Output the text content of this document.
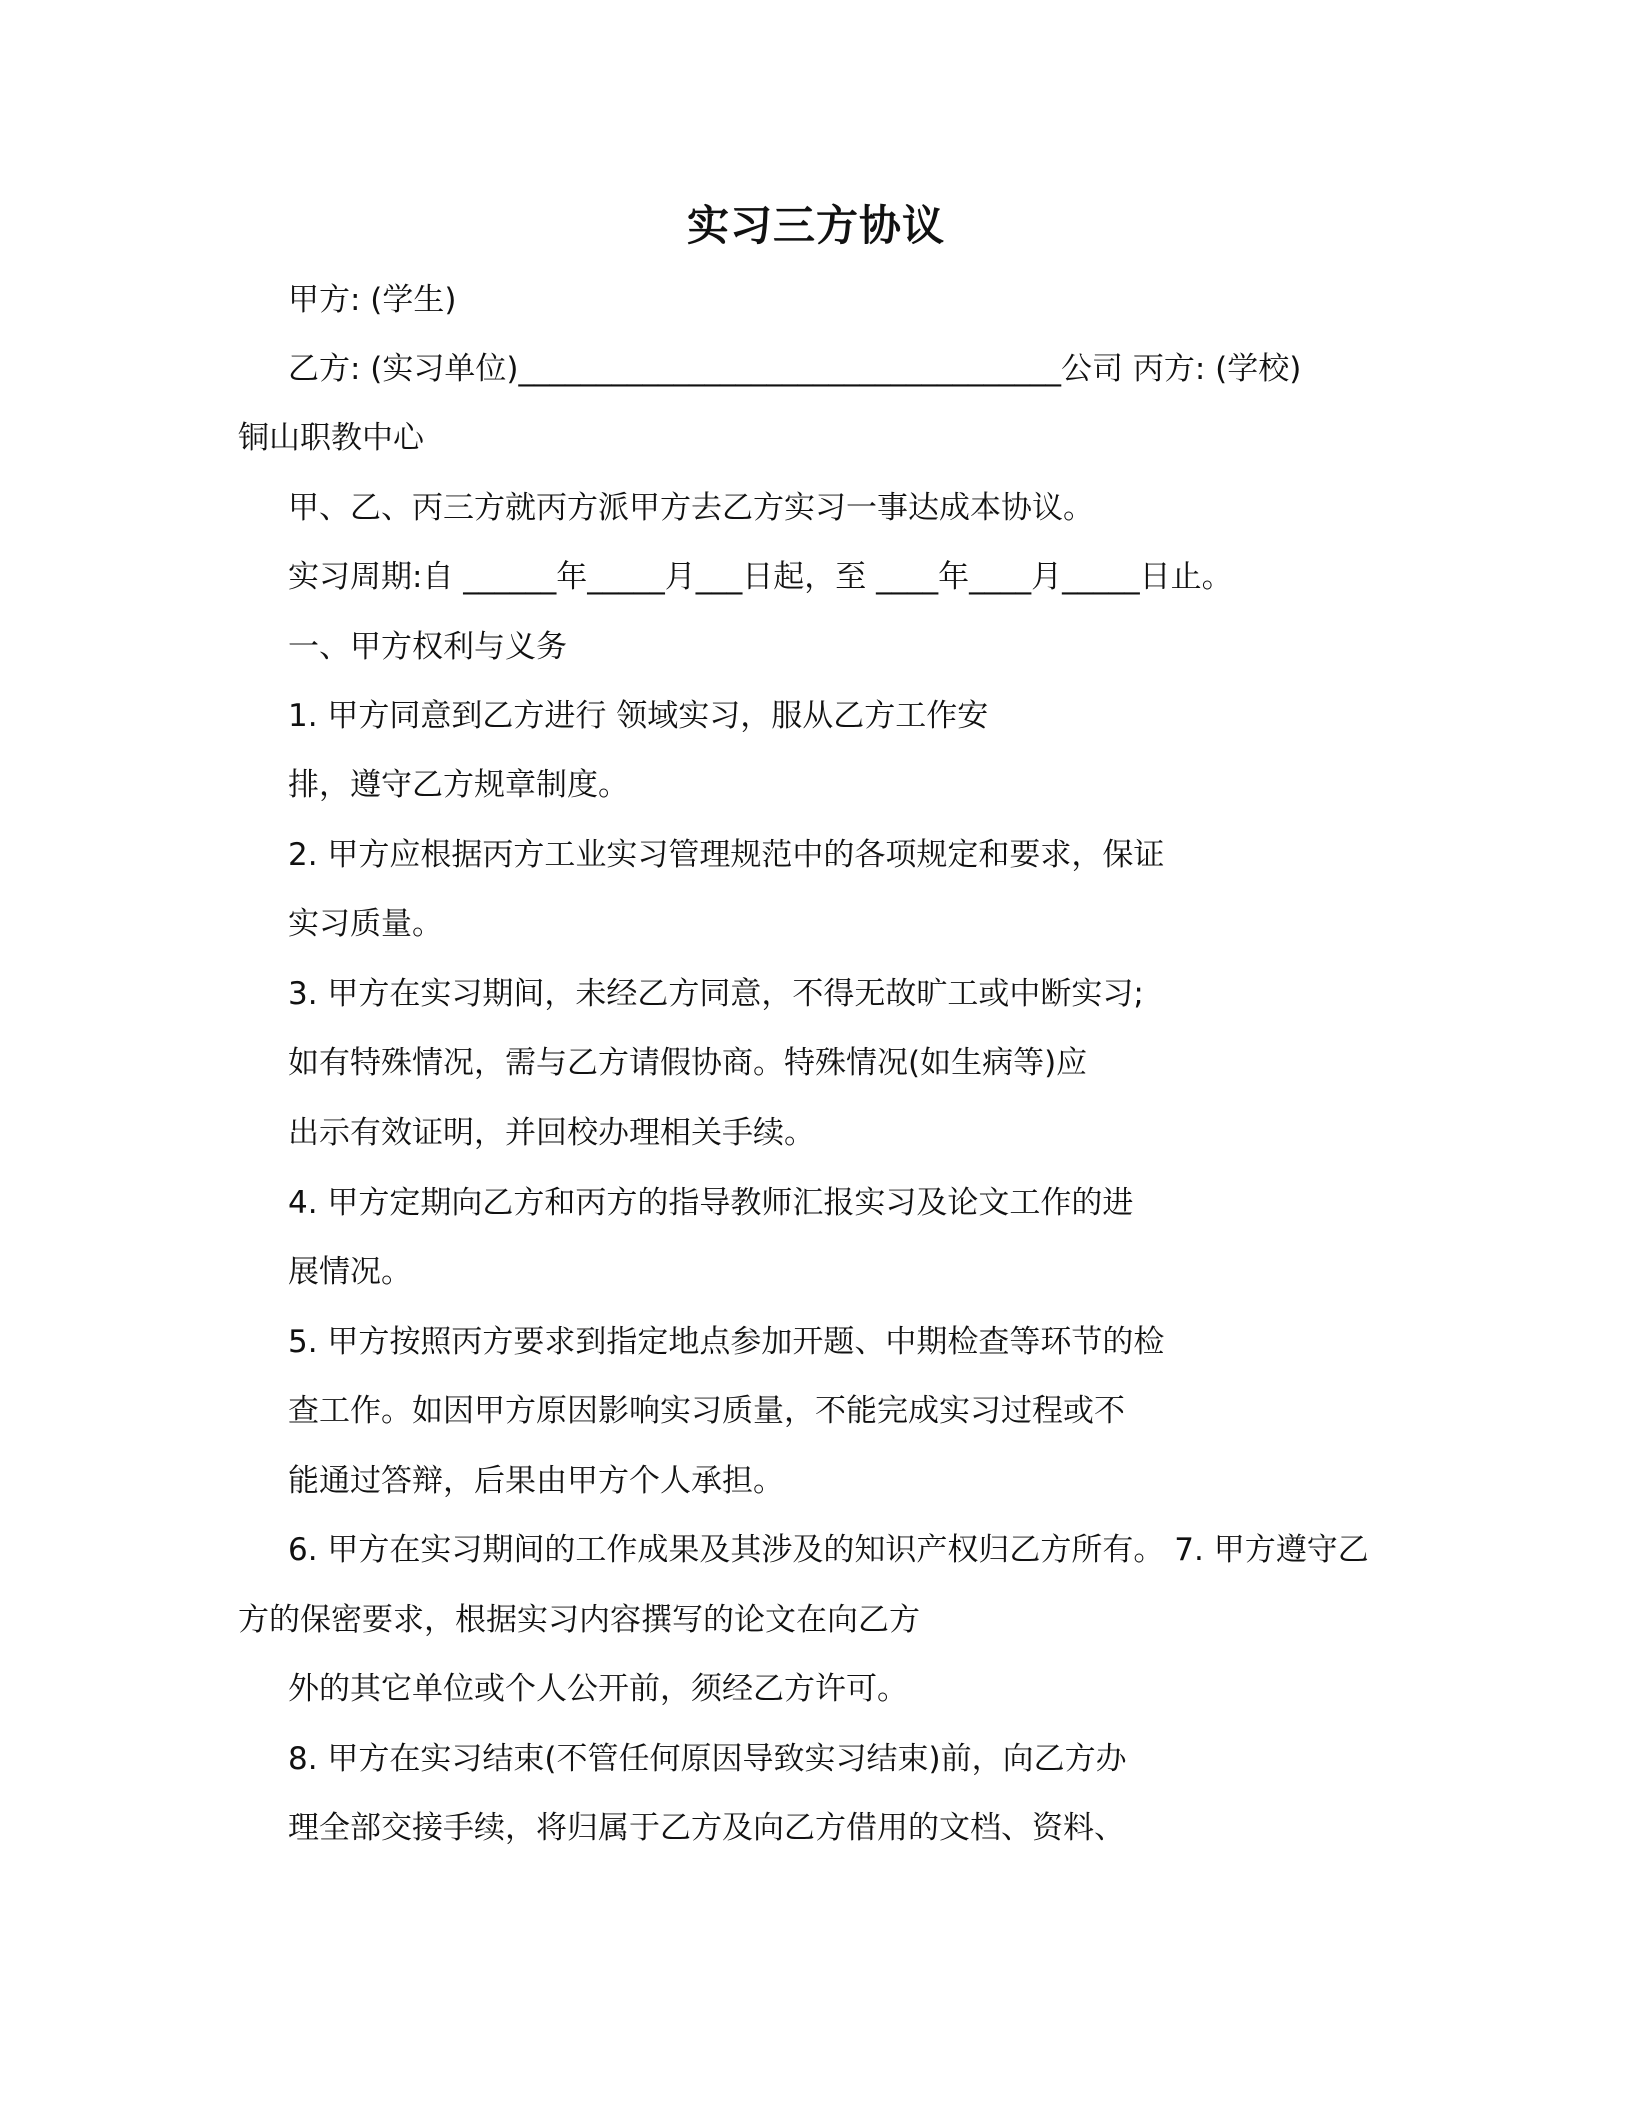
实习三方协议
甲方: (学生)
乙方: (实习单位)___________________________________公司 丙方: (学校)
铜山职教中心
甲、乙、丙三方就丙方派甲方去乙方实习一事达成本协议。
实习周期:自 ______年_____月___日起，至 ____年____月_____日止。
一、甲方权利与义务
1. 甲方同意到乙方进行 领域实习，服从乙方工作安
排，遵守乙方规章制度。
2. 甲方应根据丙方工业实习管理规范中的各项规定和要求，保证
实习质量。
3. 甲方在实习期间，未经乙方同意，不得无故旷工或中断实习;
如有特殊情况，需与乙方请假协商。特殊情况(如生病等)应
出示有效证明，并回校办理相关手续。
4. 甲方定期向乙方和丙方的指导教师汇报实习及论文工作的进
展情况。
5. 甲方按照丙方要求到指定地点参加开题、中期检查等环节的检
查工作。如因甲方原因影响实习质量，不能完成实习过程或不
能通过答辩，后果由甲方个人承担。
6. 甲方在实习期间的工作成果及其涉及的知识产权归乙方所有。 7. 甲方遵守乙
方的保密要求，根据实习内容撰写的论文在向乙方
外的其它单位或个人公开前，须经乙方许可。
8. 甲方在实习结束(不管任何原因导致实习结束)前，向乙方办
理全部交接手续，将归属于乙方及向乙方借用的文档、资料、
